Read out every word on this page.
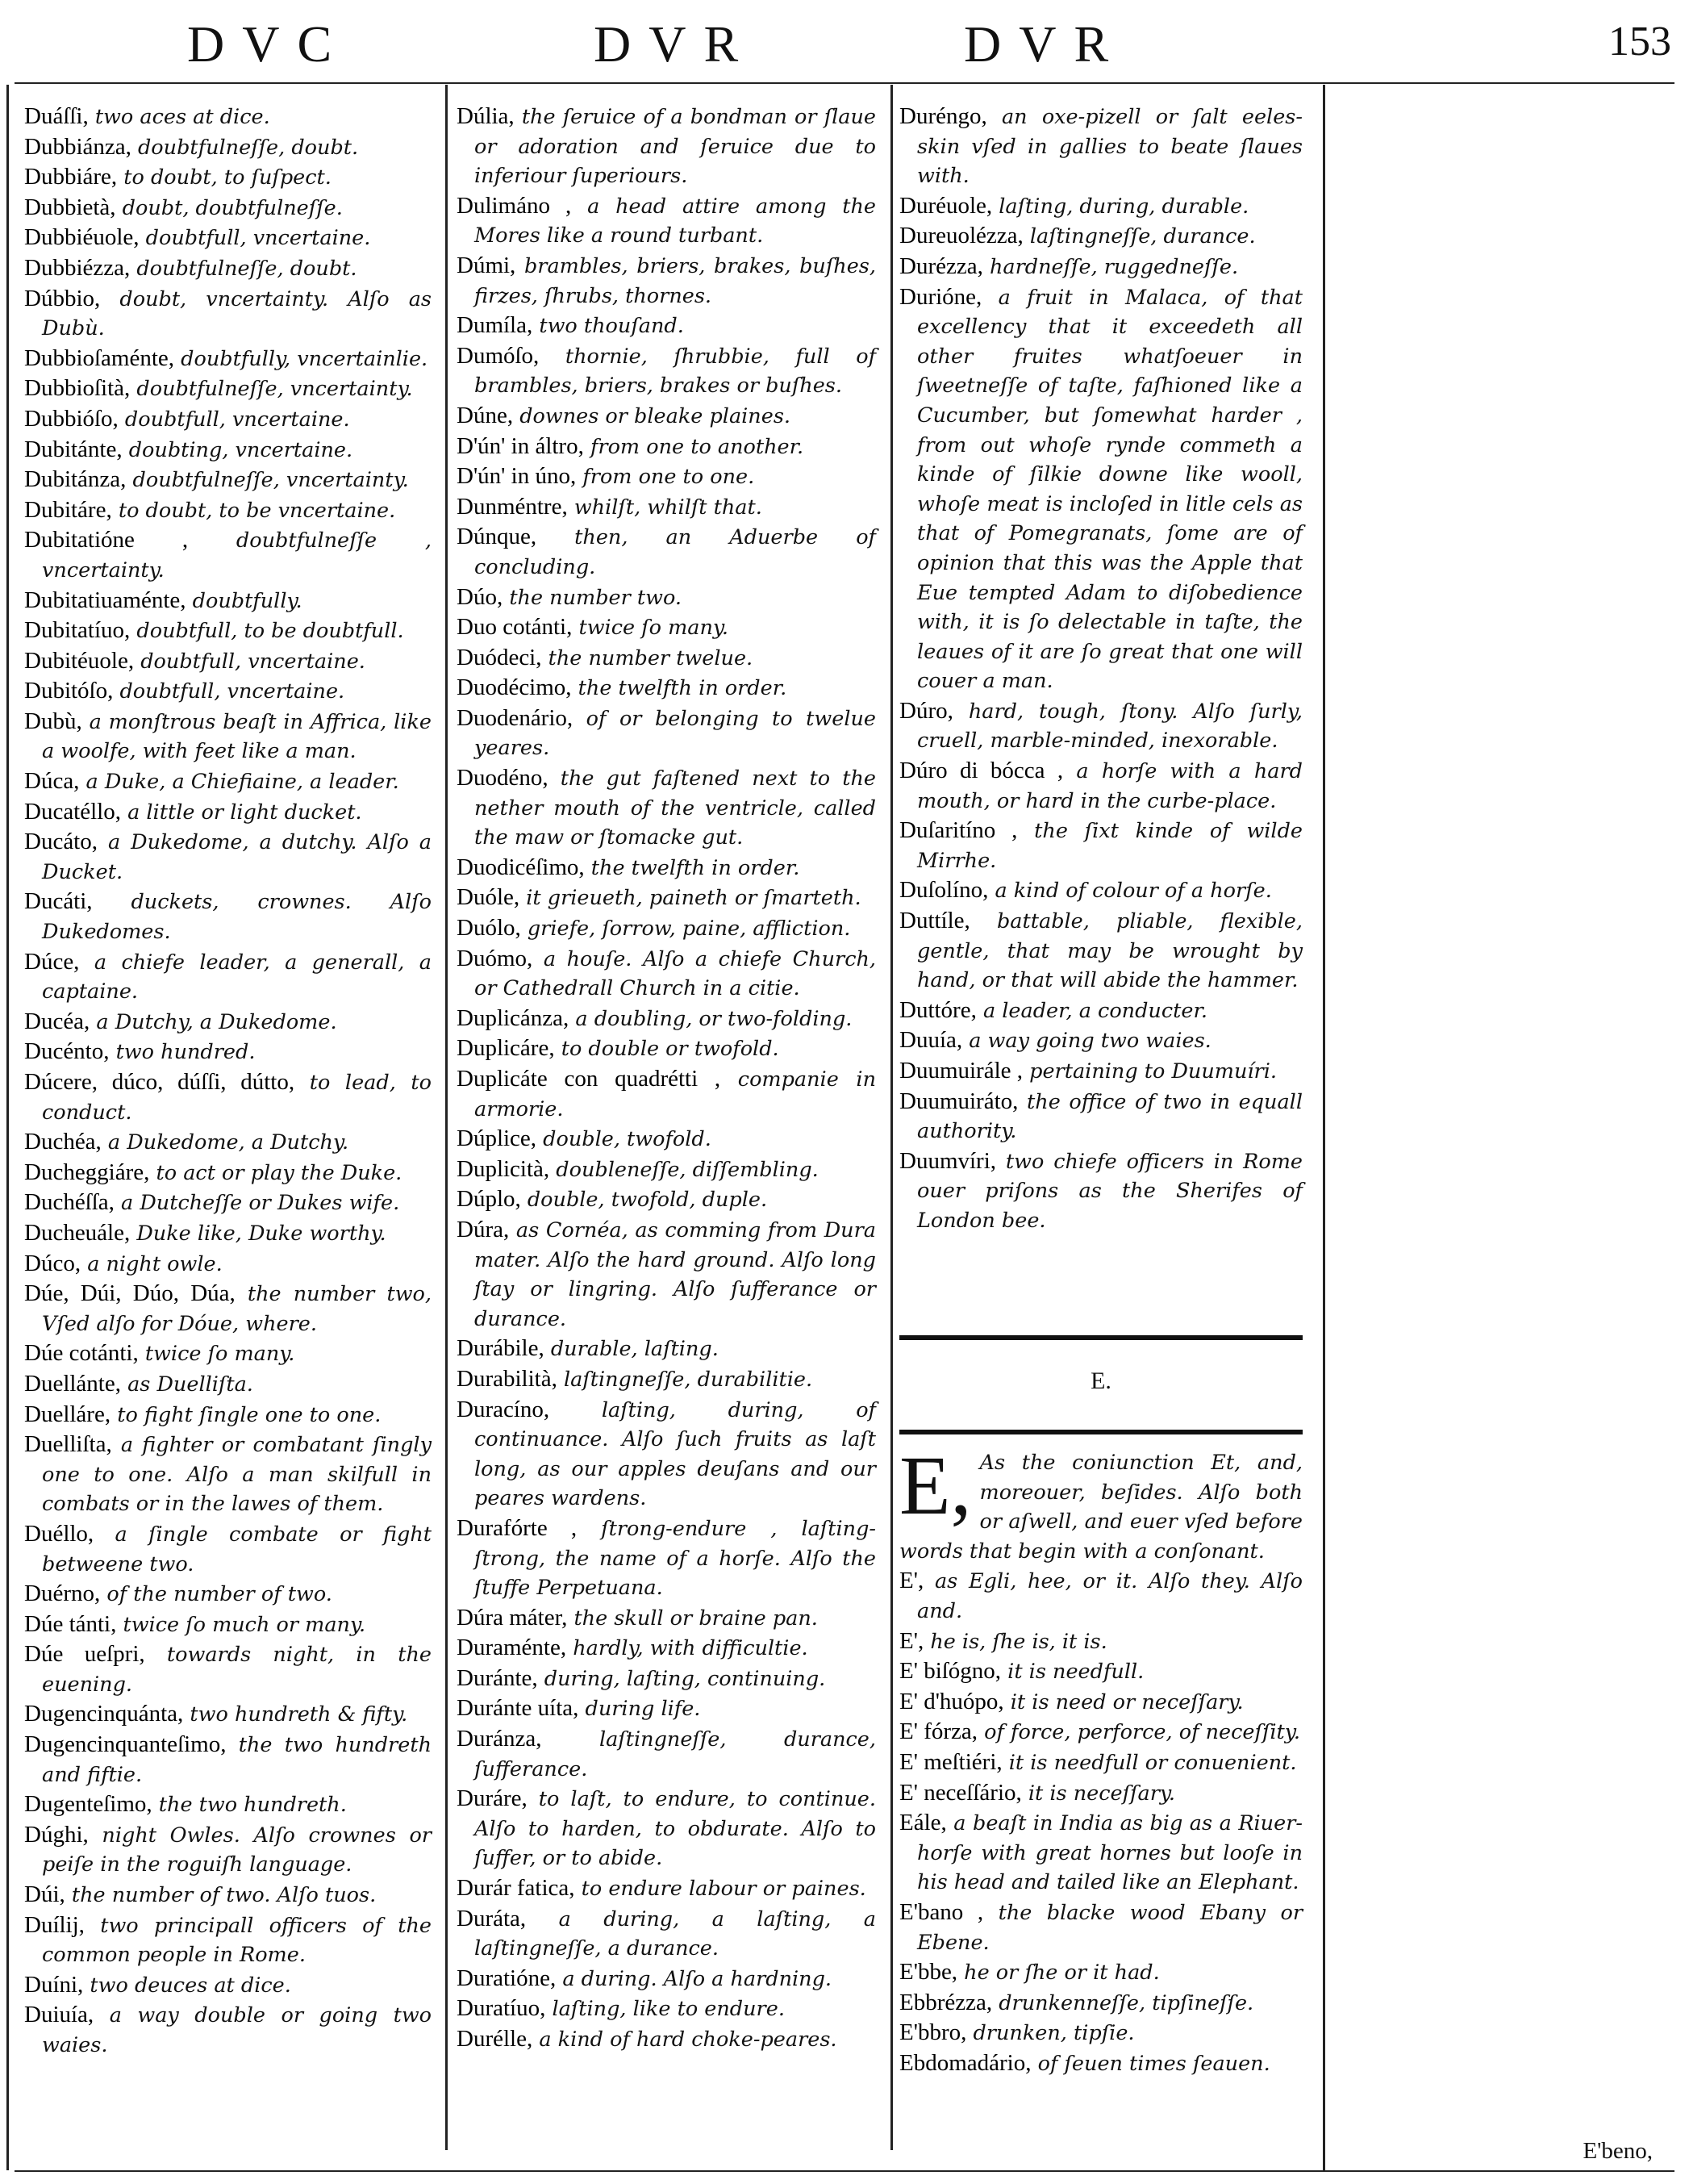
DVC	DVR	DVR	153

Duáſſi, two aces at dice.

Dubbiánza, doubtfulneſſe, doubt.

Dubbiáre, to doubt, to ſuſpect.

Dubbietà, doubt, doubtfulneſſe.

Dubbiéuole, doubtfull, vncertaine.

Dubbiézza, doubtfulneſſe, doubt.

Dúbbio, doubt, vncertainty. Alſo as Dubù.

Dubbioſaménte, doubtfully, vncertainlie.

Dubbioſità, doubtfulneſſe, vncertainty.

Dubbióſo, doubtfull, vncertaine.

Dubitánte, doubting, vncertaine.

Dubitánza, doubtfulneſſe, vncertainty.

Dubitáre, to doubt, to be vncertaine.

Dubitatióne , doubtfulneſſe , vncertainty.

Dubitatiuaménte, doubtfully.

Dubitatíuo, doubtfull, to be doubtfull.

Dubitéuole, doubtfull, vncertaine.

Dubitóſo, doubtfull, vncertaine.

Dubù, a monſtrous beaſt in Affrica, like a woolfe, with feet like a man.

Dúca, a Duke, a Chiefiaine, a leader.

Ducatéllo, a little or light ducket.

Ducáto, a Dukedome, a dutchy. Alſo a Ducket.

Ducáti, duckets, crownes. Alſo Dukedomes.

Dúce, a chiefe leader, a generall, a captaine.

Ducéa, a Dutchy, a Dukedome.

Ducénto, two hundred.

Dúcere, dúco, dúſſi, dútto, to lead, to conduct.

Duchéa, a Dukedome, a Dutchy.

Ducheggiáre, to act or play the Duke.

Duchéſſa, a Dutcheſſe or Dukes wife.

Ducheuále, Duke like, Duke worthy.

Dúco, a night owle.

Dúe, Dúi, Dúo, Dúa, the number two, Vſed alſo for Dóue, where.

Dúe cotánti, twice ſo many.

Duellánte, as Duelliſta.

Duelláre, to fight ſingle one to one.

Duelliſta, a fighter or combatant ſingly one to one. Alſo a man skilfull in combats or in the lawes of them.

Duéllo, a ſingle combate or fight betweene two.

Duérno, of the number of two.

Dúe tánti, twice ſo much or many.

Dúe ueſpri, towards night, in the euening.

Dugencinquánta, two hundreth & fifty.

Dugencinquanteſimo, the two hundreth and fiftie.

Dugenteſimo, the two hundreth.

Dúghi, night Owles. Alſo crownes or peiſe in the roguiſh language.

Dúi, the number of two. Alſo tuos.

Duílij, two principall officers of the common people in Rome.

Duíni, two deuces at dice.

Duiuía, a way double or going two waies.

Dúlia, the ſeruice of a bondman or ſlaue or adoration and ſeruice due to inferiour ſuperiours.

Dulimáno , a head attire among the Mores like a round turbant.

Dúmi, brambles, briers, brakes, buſhes, firzes, ſhrubs, thornes.

Dumíla, two thouſand.

Dumóſo, thornie, ſhrubbie, full of brambles, briers, brakes or buſhes.

Dúne, downes or bleake plaines.

D'ún' in áltro, from one to another.

D'ún' in úno, from one to one.

Dunméntre, whilſt, whilſt that.

Dúnque, then, an Aduerbe of concluding.

Dúo, the number two.

Duo cotánti, twice ſo many.

Duódeci, the number twelue.

Duodécimo, the twelfth in order.

Duodenário, of or belonging to twelue yeares.

Duodéno, the gut faſtened next to the nether mouth of the ventricle, called the maw or ſtomacke gut.

Duodicéſimo, the twelfth in order.

Duóle, it grieueth, paineth or ſmarteth.

Duólo, griefe, ſorrow, paine, affliction.

Duómo, a houſe. Alſo a chiefe Church, or Cathedrall Church in a citie.

Duplicánza, a doubling, or two-folding.

Duplicáre, to double or twofold.

Duplicáte con quadrétti , companie in armorie.

Dúplice, double, twofold.

Duplicità, doubleneſſe, diſſembling.

Dúplo, double, twofold, duple.

Dúra, as Cornéa, as comming from Dura mater. Alſo the hard ground. Alſo long ſtay or lingring. Alſo ſufferance or durance.

Durábile, durable, laſting.

Durabilità, laſtingneſſe, durabilitie.

Duracíno,	laſting, during, of continuance. Alſo ſuch fruits as laſt long, as our apples deuſans and our peares wardens.

Durafórte , ſtrong-endure , laſting-ſtrong, the name of a horſe. Alſo the ſtuffe Perpetuana.

Dúra máter, the skull or braine pan.

Duraménte, hardly, with difficultie.

Duránte, during, laſting, continuing.

Duránte uíta, during life.

Duránza,	laſtingneſſe, durance, ſufferance.

Duráre, to laſt, to endure, to continue. Alſo to harden, to obdurate. Alſo to ſuffer, or to abide.

Durár fatica, to endure labour or paines.

Duráta, a during, a laſting, a laſtingneſſe, a durance.

Duratióne, a during. Alſo a hardning.

Duratíuo, laſting, like to endure.

Durélle, a kind of hard choke-peares.

Duréngo, an oxe-pizell or ſalt eeles-skin vſed in gallies to beate ſlaues with.

Duréuole, laſting, during, durable.

Dureuolézza, laſtingneſſe, durance.

Durézza, hardneſſe, ruggedneſſe.

Durióne, a fruit in Malaca, of that excellency that it exceedeth all other fruites whatſoeuer in ſweetneſſe of taſte, faſhioned like a Cucumber, but ſomewhat harder , from out whoſe rynde commeth a kinde of ſilkie downe like wooll, whoſe meat is incloſed in litle cels as that of Pomegranats, ſome are of opinion that this was the Apple that Eue tempted Adam to diſobedience with, it is ſo delectable in taſte, the leaues of it are ſo great that one will couer a man.

Dúro, hard, tough, ſtony. Alſo ſurly, cruell, marble-minded, inexorable.

Dúro di bócca , a horſe with a hard mouth, or hard in the curbe-place.

Duſaritíno , the ſixt kinde of wilde Mirrhe.

Duſolíno, a kind of colour of a horſe.

Duttíle, battable, pliable, flexible, gentle, that may be wrought by hand, or that will abide the hammer.

Duttóre, a leader, a conducter.

Duuía, a way going two waies.

Duumuirále , pertaining to Duumuíri.

Duumuiráto, the office of two in equall authority.

Duumvíri, two chiefe officers in Rome ouer priſons as the Sherifes of London bee.

E.

E, As the coniunction Et, and, moreouer, beſides. Alſo both or aſwell, and euer vſed before words that begin with a conſonant.

E', as Egli, hee, or it. Alſo they. Alſo and.

E', he is, ſhe is, it is.

E' biſógno, it is needfull.

E' d'huópo, it is need or neceſſary.

E' fórza, of force, perforce, of neceſſity.

E' meſtiéri, it is needfull or conuenient.

E' neceſſário, it is neceſſary.

Eále, a beaſt in India as big as a Riuer-horſe with great hornes but looſe in his head and tailed like an Elephant.

E'bano , the blacke wood Ebany or Ebene.

E'bbe, he or ſhe or it had.

Ebbrézza, drunkenneſſe, tipſineſſe.

E'bbro, drunken, tipſie.

Ebdomadário, of ſeuen times ſeauen.

E'beno,
